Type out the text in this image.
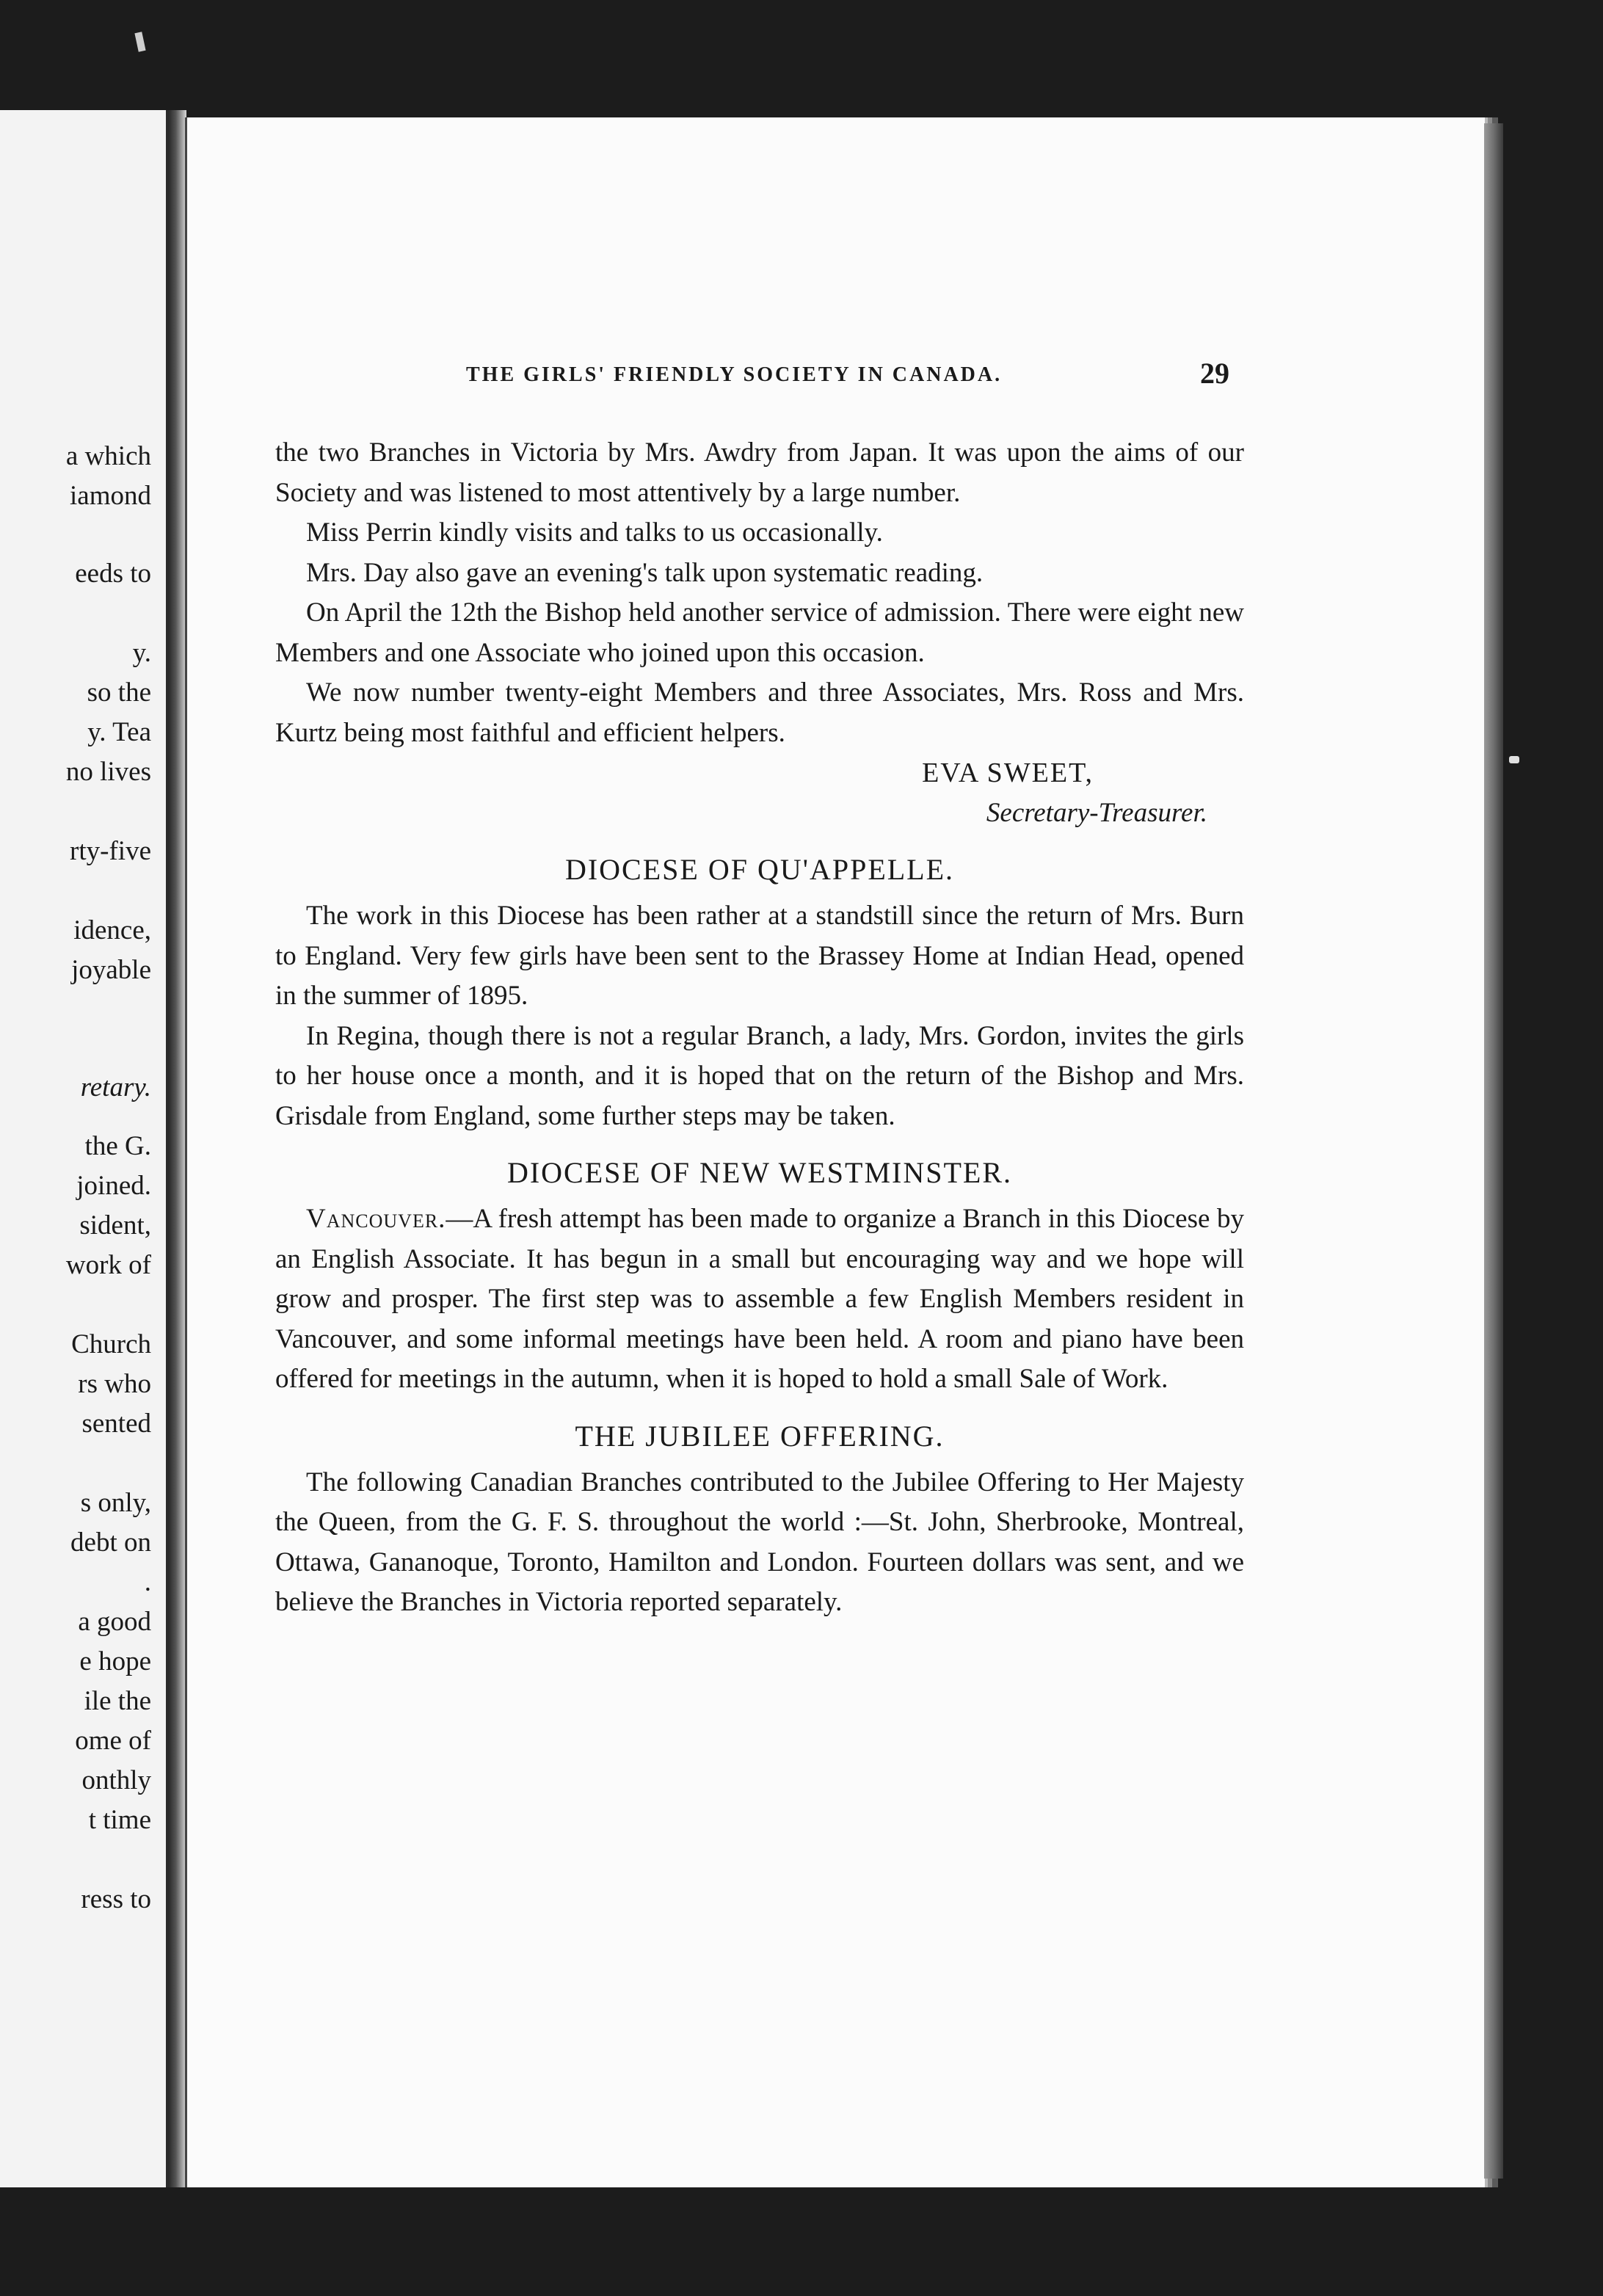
a which
iamond
eeds to
y.
so the
y. Tea
no lives
rty-five
idence,
joyable
retary.
the G.
joined.
sident,
work of
Church
rs who
sented
s only,
debt on
.
a good
e hope
ile the
ome of
onthly
t time
ress to
THE GIRLS' FRIENDLY SOCIETY IN CANADA.	29

the two Branches in Victoria by Mrs. Awdry from Japan. It was upon the aims of our Society and was listened to most attentively by a large number.

Miss Perrin kindly visits and talks to us occasionally.

Mrs. Day also gave an evening's talk upon systematic reading.

On April the 12th the Bishop held another service of admission. There were eight new Members and one Associate who joined upon this occasion.

We now number twenty-eight Members and three Associates, Mrs. Ross and Mrs. Kurtz being most faithful and efficient helpers.

EVA SWEET,

Secretary-Treasurer.

DIOCESE OF QU'APPELLE.

The work in this Diocese has been rather at a standstill since the return of Mrs. Burn to England. Very few girls have been sent to the Brassey Home at Indian Head, opened in the summer of 1895.

In Regina, though there is not a regular Branch, a lady, Mrs. Gordon, invites the girls to her house once a month, and it is hoped that on the return of the Bishop and Mrs. Grisdale from England, some further steps may be taken.

DIOCESE OF NEW WESTMINSTER.

Vancouver.—A fresh attempt has been made to organize a Branch in this Diocese by an English Associate. It has begun in a small but encouraging way and we hope will grow and prosper. The first step was to assemble a few English Members resident in Vancouver, and some informal meetings have been held. A room and piano have been offered for meetings in the autumn, when it is hoped to hold a small Sale of Work.

THE JUBILEE OFFERING.

The following Canadian Branches contributed to the Jubilee Offering to Her Majesty the Queen, from the G. F. S. throughout the world :—St. John, Sherbrooke, Montreal, Ottawa, Gananoque, Toronto, Hamilton and London. Fourteen dollars was sent, and we believe the Branches in Victoria reported separately.
